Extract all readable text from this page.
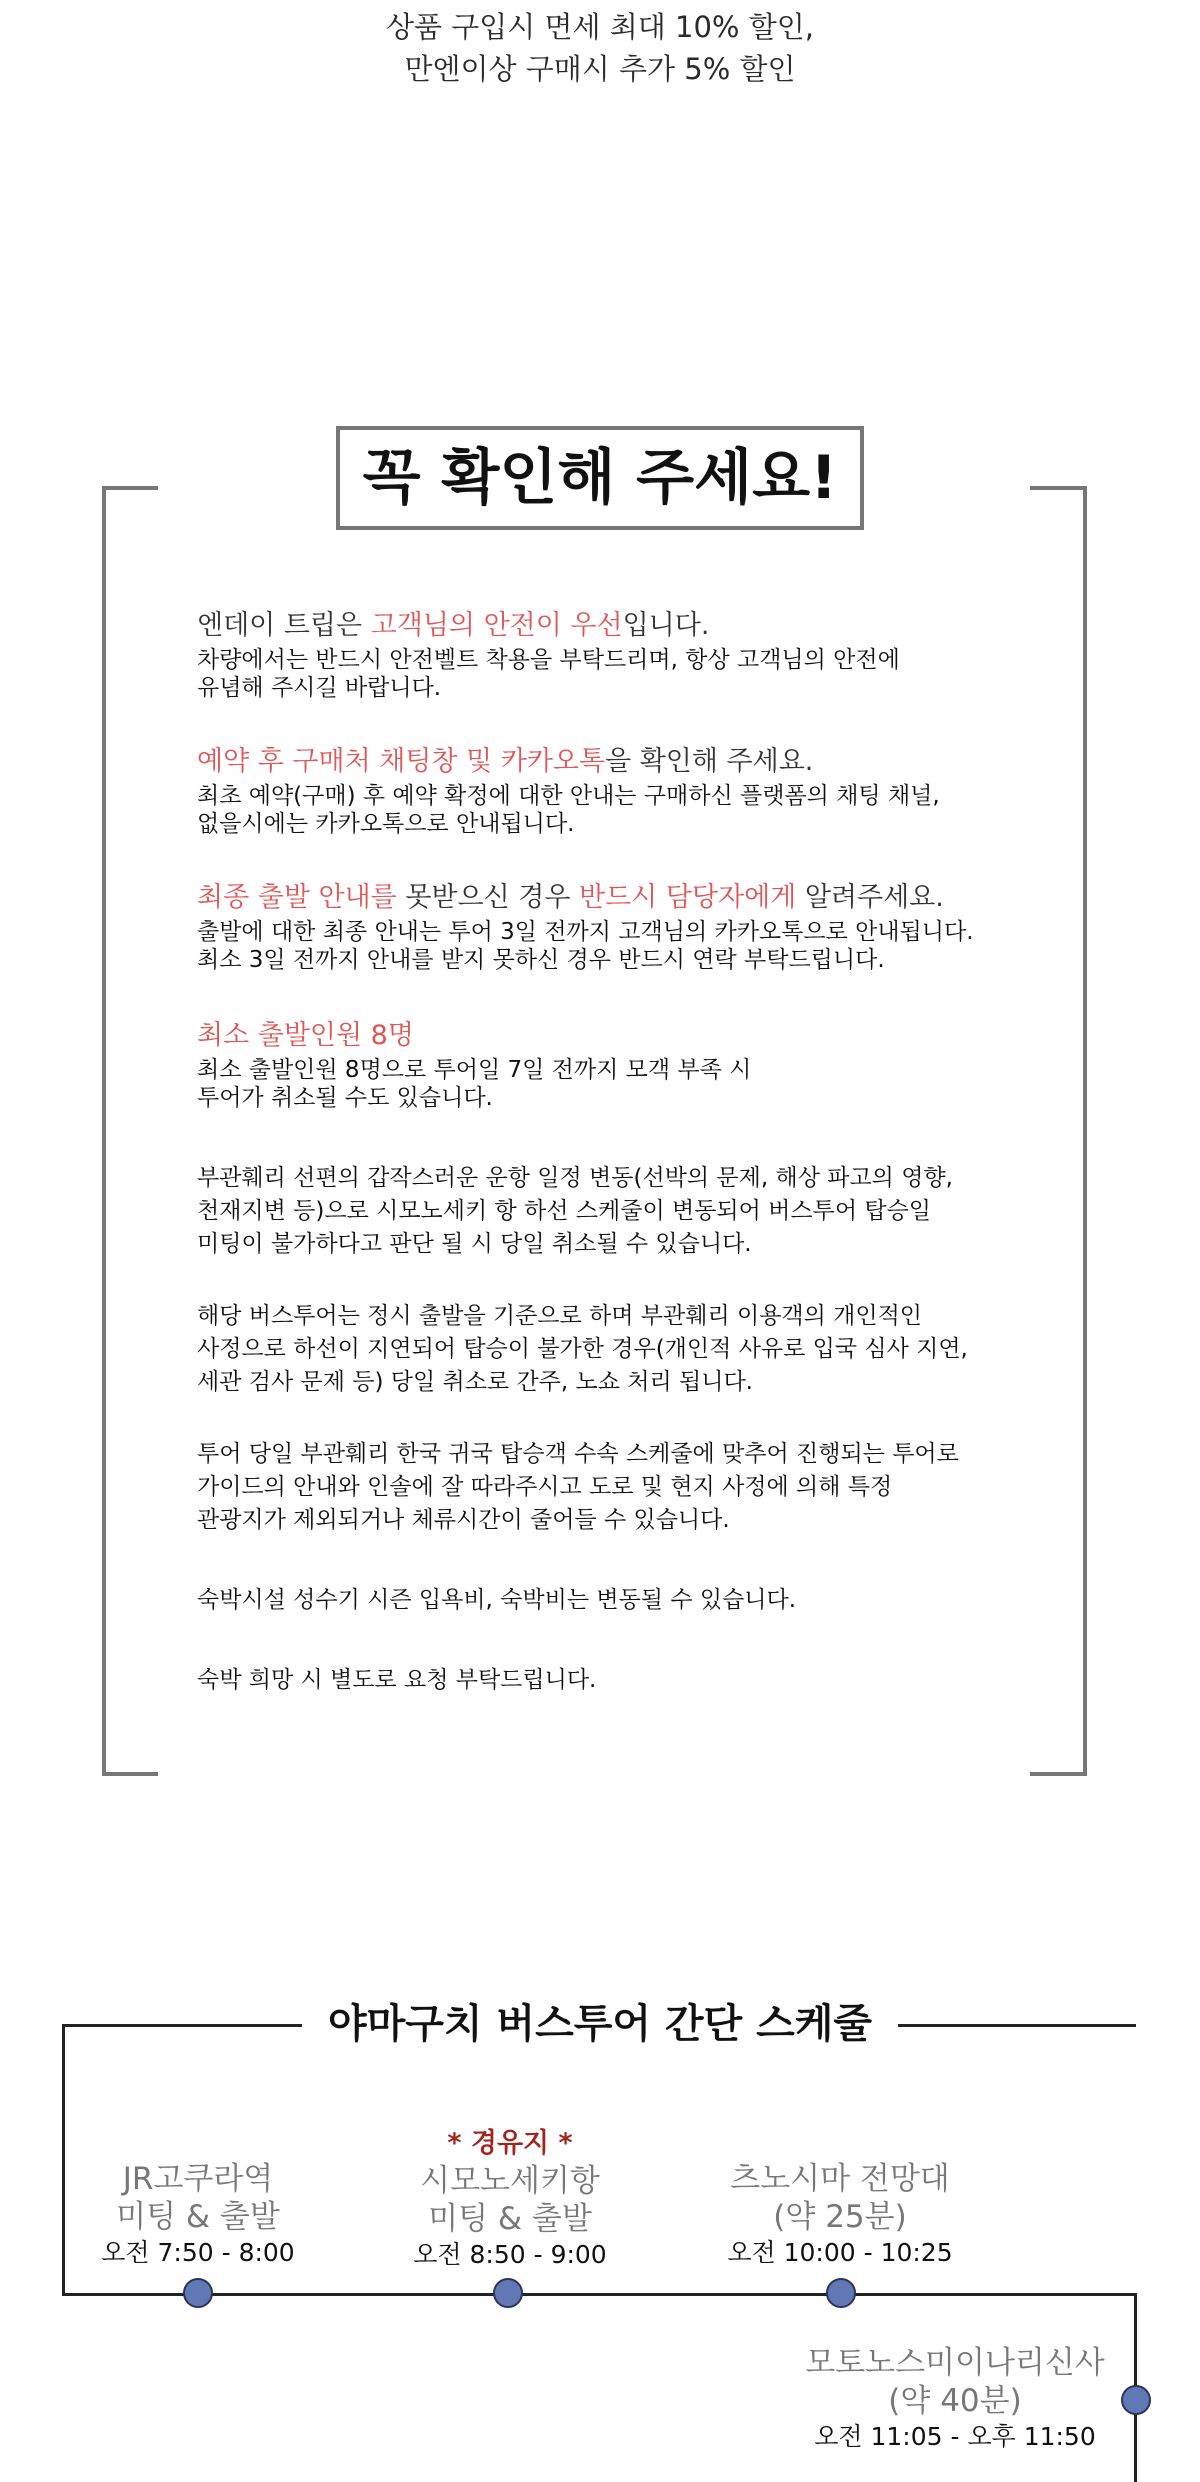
상품 구입시 면세 최대 10% 할인,
만엔이상 구매시 추가 5% 할인
꼭 확인해 주세요!
엔데이 트립은 고객님의 안전이 우선입니다.
차량에서는 반드시 안전벨트 착용을 부탁드리며, 항상 고객님의 안전에
유념해 주시길 바랍니다.
예약 후 구매처 채팅창 및 카카오톡을 확인해 주세요.
최초 예약(구매) 후 예약 확정에 대한 안내는 구매하신 플랫폼의 채팅 채널,
없을시에는 카카오톡으로 안내됩니다.
최종 출발 안내를 못받으신 경우 반드시 담당자에게 알려주세요.
출발에 대한 최종 안내는 투어 3일 전까지 고객님의 카카오톡으로 안내됩니다.
최소 3일 전까지 안내를 받지 못하신 경우 반드시 연락 부탁드립니다.
최소 출발인원 8명
최소 출발인원 8명으로 투어일 7일 전까지 모객 부족 시
투어가 취소될 수도 있습니다.
부관훼리 선편의 갑작스러운 운항 일정 변동(선박의 문제, 해상 파고의 영향,
천재지변 등)으로 시모노세키 항 하선 스케줄이 변동되어 버스투어 탑승일
미팅이 불가하다고 판단 될 시 당일 취소될 수 있습니다.
해당 버스투어는 정시 출발을 기준으로 하며 부관훼리 이용객의 개인적인
사정으로 하선이 지연되어 탑승이 불가한 경우(개인적 사유로 입국 심사 지연,
세관 검사 문제 등) 당일 취소로 간주, 노쇼 처리 됩니다.
투어 당일 부관훼리 한국 귀국 탑승객 수속 스케줄에 맞추어 진행되는 투어로
가이드의 안내와 인솔에 잘 따라주시고 도로 및 현지 사정에 의해 특정
관광지가 제외되거나 체류시간이 줄어들 수 있습니다.
숙박시설 성수기 시즌 입욕비, 숙박비는 변동될 수 있습니다.
숙박 희망 시 별도로 요청 부탁드립니다.
야마구치 버스투어 간단 스케줄
JR고쿠라역
미팅 & 출발
오전 7:50 - 8:00
* 경유지 *
시모노세키항
미팅 & 출발
오전 8:50 - 9:00
츠노시마 전망대
(약 25분)
오전 10:00 - 10:25
모토노스미이나리신사
(약 40분)
오전 11:05 - 오후 11:50
